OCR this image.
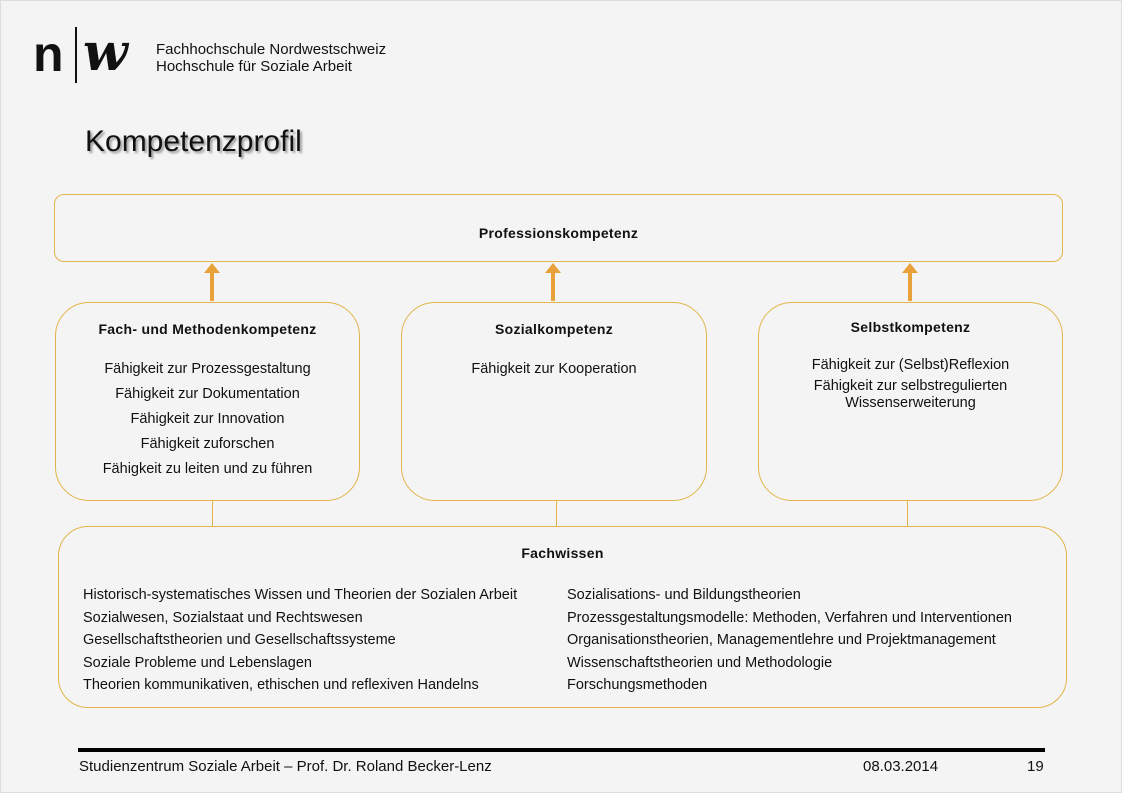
n w Fachhochschule Nordwestschweiz
Hochschule für Soziale Arbeit
Kompetenzprofil
Professionskompetenz
Fach- und Methodenkompetenz
Fähigkeit zur Prozessgestaltung
Fähigkeit zur Dokumentation
Fähigkeit zur Innovation
Fähigkeit zuforschen
Fähigkeit zu leiten und zu führen
Sozialkompetenz
Fähigkeit zur Kooperation
Selbstkompetenz
Fähigkeit zur (Selbst)Reflexion
Fähigkeit zur selbstregulierten Wissenserweiterung
Fachwissen
Historisch-systematisches Wissen und Theorien der Sozialen Arbeit
Sozialwesen, Sozialstaat und Rechtswesen
Gesellschaftstheorien und Gesellschaftssysteme
Soziale Probleme und Lebenslagen
Theorien kommunikativen, ethischen und reflexiven Handelns
Sozialisations- und Bildungstheorien
Prozessgestaltungsmodelle: Methoden, Verfahren und Interventionen
Organisationstheorien, Managementlehre und Projektmanagement
Wissenschaftstheorien und Methodologie
Forschungsmethoden
Studienzentrum Soziale Arbeit – Prof. Dr. Roland Becker-Lenz	08.03.2014	19
